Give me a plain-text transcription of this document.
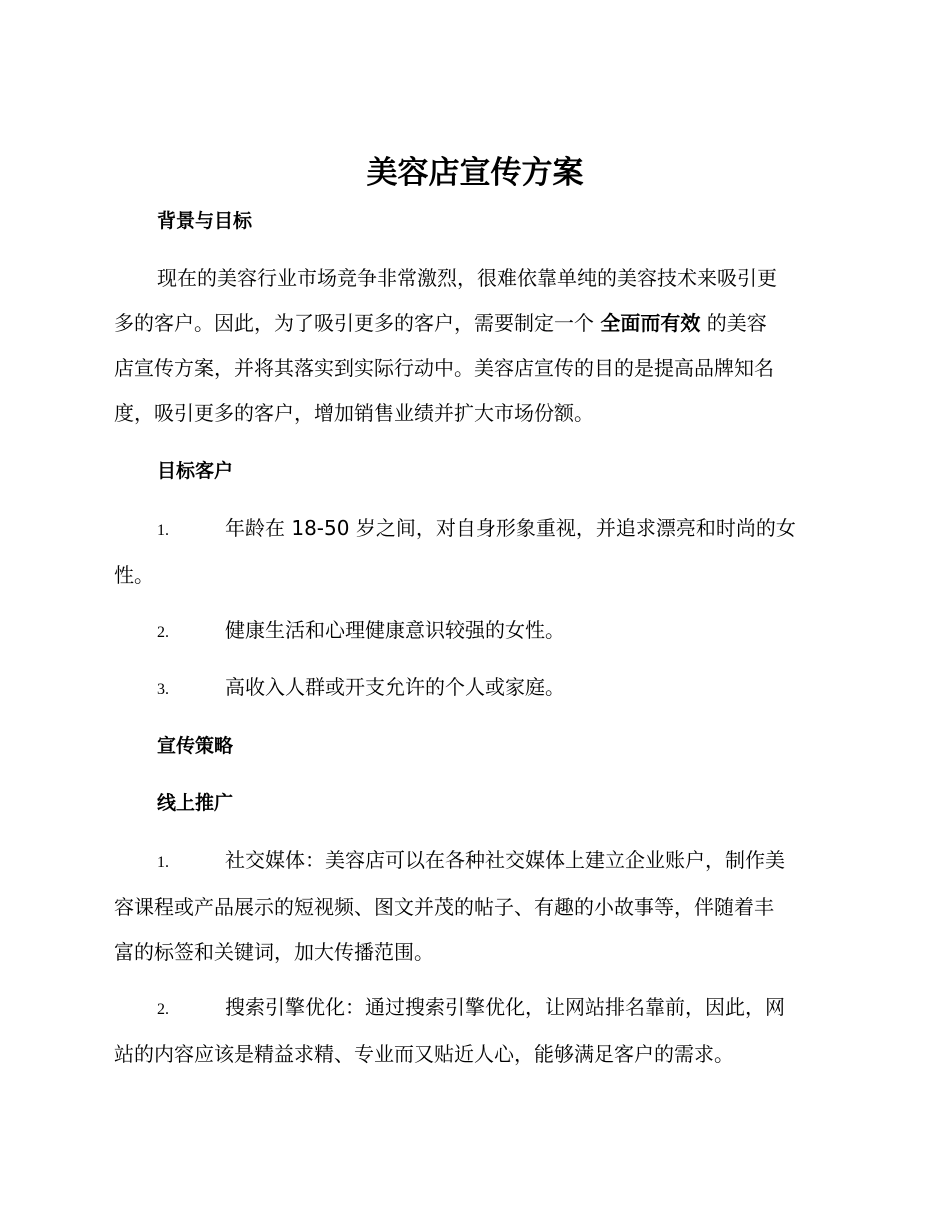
美容店宣传方案
背景与目标
现在的美容行业市场竞争非常激烈，很难依靠单纯的美容技术来吸引更
多的客户。因此，为了吸引更多的客户，需要制定一个 全面而有效 的美容
店宣传方案，并将其落实到实际行动中。美容店宣传的目的是提高品牌知名
度，吸引更多的客户，增加销售业绩并扩大市场份额。
目标客户
1.	年龄在 18-50 岁之间，对自身形象重视，并追求漂亮和时尚的女
性。
2.	健康生活和心理健康意识较强的女性。
3.	高收入人群或开支允许的个人或家庭。
宣传策略
线上推广
1.	社交媒体：美容店可以在各种社交媒体上建立企业账户，制作美
容课程或产品展示的短视频、图文并茂的帖子、有趣的小故事等，伴随着丰
富的标签和关键词，加大传播范围。
2.	搜索引擎优化：通过搜索引擎优化，让网站排名靠前，因此，网
站的内容应该是精益求精、专业而又贴近人心，能够满足客户的需求。
